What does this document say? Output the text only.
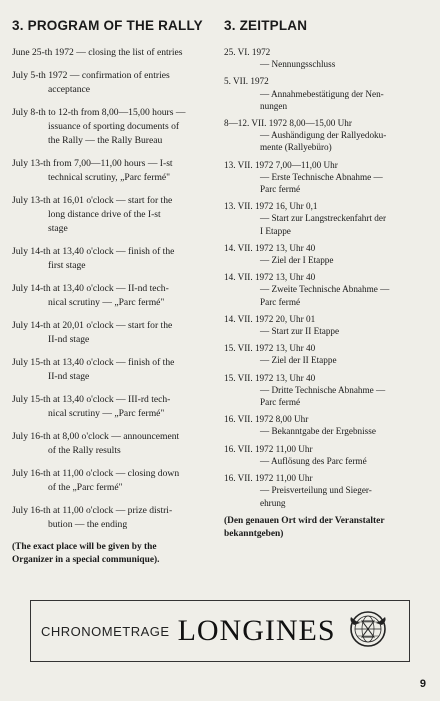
3. PROGRAM OF THE RALLY
June 25-th 1972 — closing the list of entries
July 5-th 1972 — confirmation of entries
acceptance
July 8-th to 12-th from 8,00—15,00 hours —
issuance of sporting documents of
the Rally — the Rally Bureau
July 13-th from 7,00—11,00 hours — I-st
technical scrutiny, „Parc fermé"
July 13-th at 16,01 o'clock — start for the
long distance drive of the I-st
stage
July 14-th at 13,40 o'clock — finish of the
first stage
July 14-th at 13,40 o'clock — II-nd tech-
nical scrutiny — „Parc fermé"
July 14-th at 20,01 o'clock — start for the
II-nd stage
July 15-th at 13,40 o'clock — finish of the
II-nd stage
July 15-th at 13,40 o'clock — III-rd tech-
nical scrutiny — „Parc fermé"
July 16-th at 8,00 o'clock — announcement
of the Rally results
July 16-th at 11,00 o'clock — closing down
of the „Parc fermé"
July 16-th at 11,00 o'clock — prize distri-
bution — the ending
(The exact place will be given by the
Organizer in a special communique).
3. ZEITPLAN
25. VI. 1972
— Nennungsschluss
5. VII. 1972
— Annahmebestätigung der Nen-
nungen
8—12. VII. 1972 8,00—15,00 Uhr
— Aushändigung der Rallyedoku-
mente (Rallyebüro)
13. VII. 1972 7,00—11,00 Uhr
— Erste Technische Abnahme —
Parc fermé
13. VII. 1972 16, Uhr 0,1
— Start zur Langstreckenfahrt der
I Etappe
14. VII. 1972 13, Uhr 40
— Ziel der I Etappe
14. VII. 1972 13, Uhr 40
— Zweite Technische Abnahme —
Parc fermé
14. VII. 1972 20, Uhr 01
— Start zur II Etappe
15. VII. 1972 13, Uhr 40
— Ziel der II Etappe
15. VII. 1972 13, Uhr 40
— Dritte Technische Abnahme —
Parc fermé
16. VII. 1972 8,00 Uhr
— Bekanntgabe der Ergebnisse
16. VII. 1972 11,00 Uhr
— Auflösung des Parc fermé
16. VII. 1972 11,00 Uhr
— Preisverteilung und Sieger-
ehrung
(Den genauen Ort wird der Veranstalter
bekanntgeben)
CHRONOMETRAGE LONGINES
9
